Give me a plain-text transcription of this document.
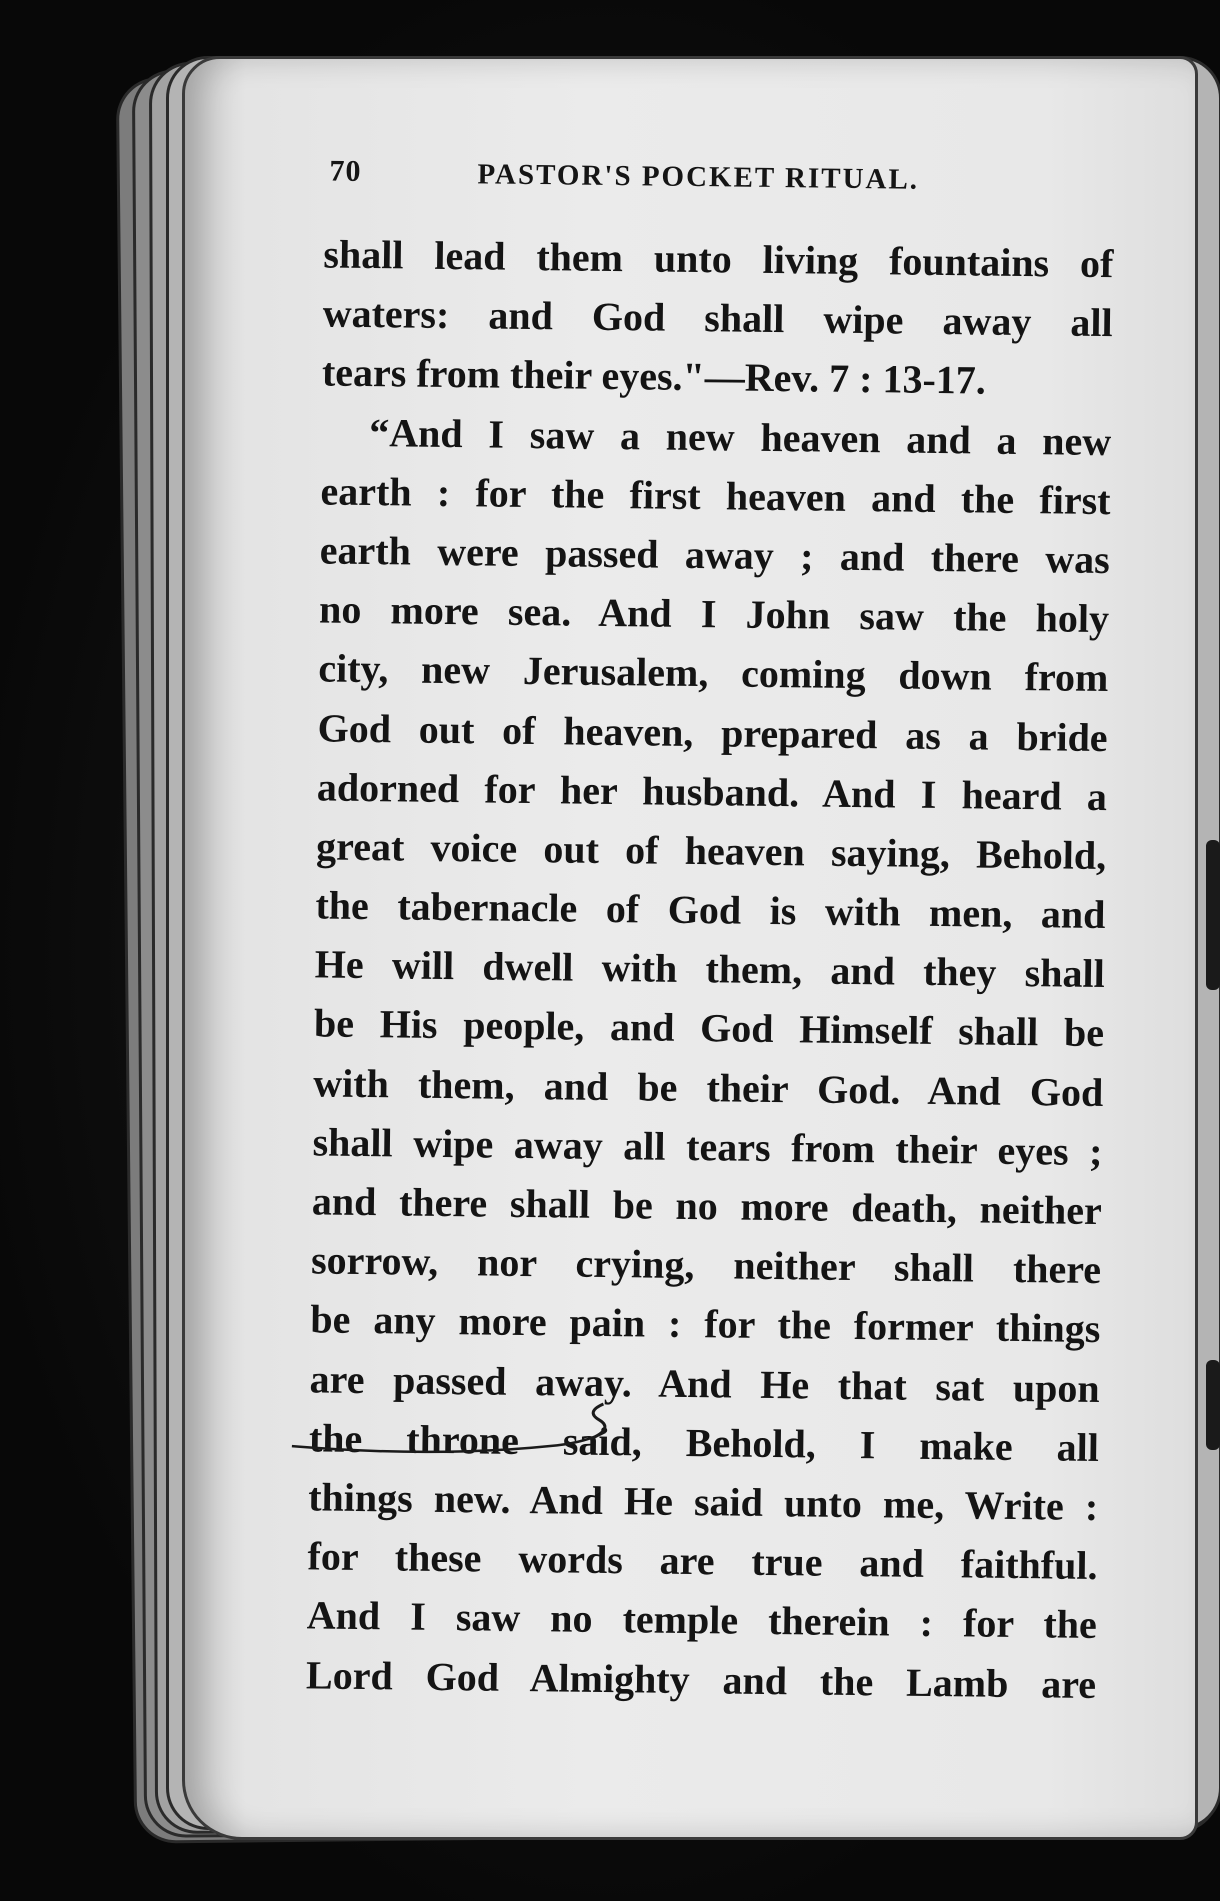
70	PASTOR'S POCKET RITUAL.
shall lead them unto living fountains of
waters: and God shall wipe away all
tears from their eyes."—Rev. 7 : 13-17.
“And I saw a new heaven and a new
earth : for the first heaven and the first
earth were passed away ; and there was
no more sea. And I John saw the holy
city, new Jerusalem, coming down from
God out of heaven, prepared as a bride
adorned for her husband. And I heard a
great voice out of heaven saying, Behold,
the tabernacle of God is with men, and
He will dwell with them, and they shall
be His people, and God Himself shall be
with them, and be their God. And God
shall wipe away all tears from their eyes ;
and there shall be no more death, neither
sorrow, nor crying, neither shall there
be any more pain : for the former things
are passed away. And He that sat upon
the throne said, Behold, I make all
things new. And He said unto me, Write :
for these words are true and faithful.
And I saw no temple therein : for the
Lord God Almighty and the Lamb are
